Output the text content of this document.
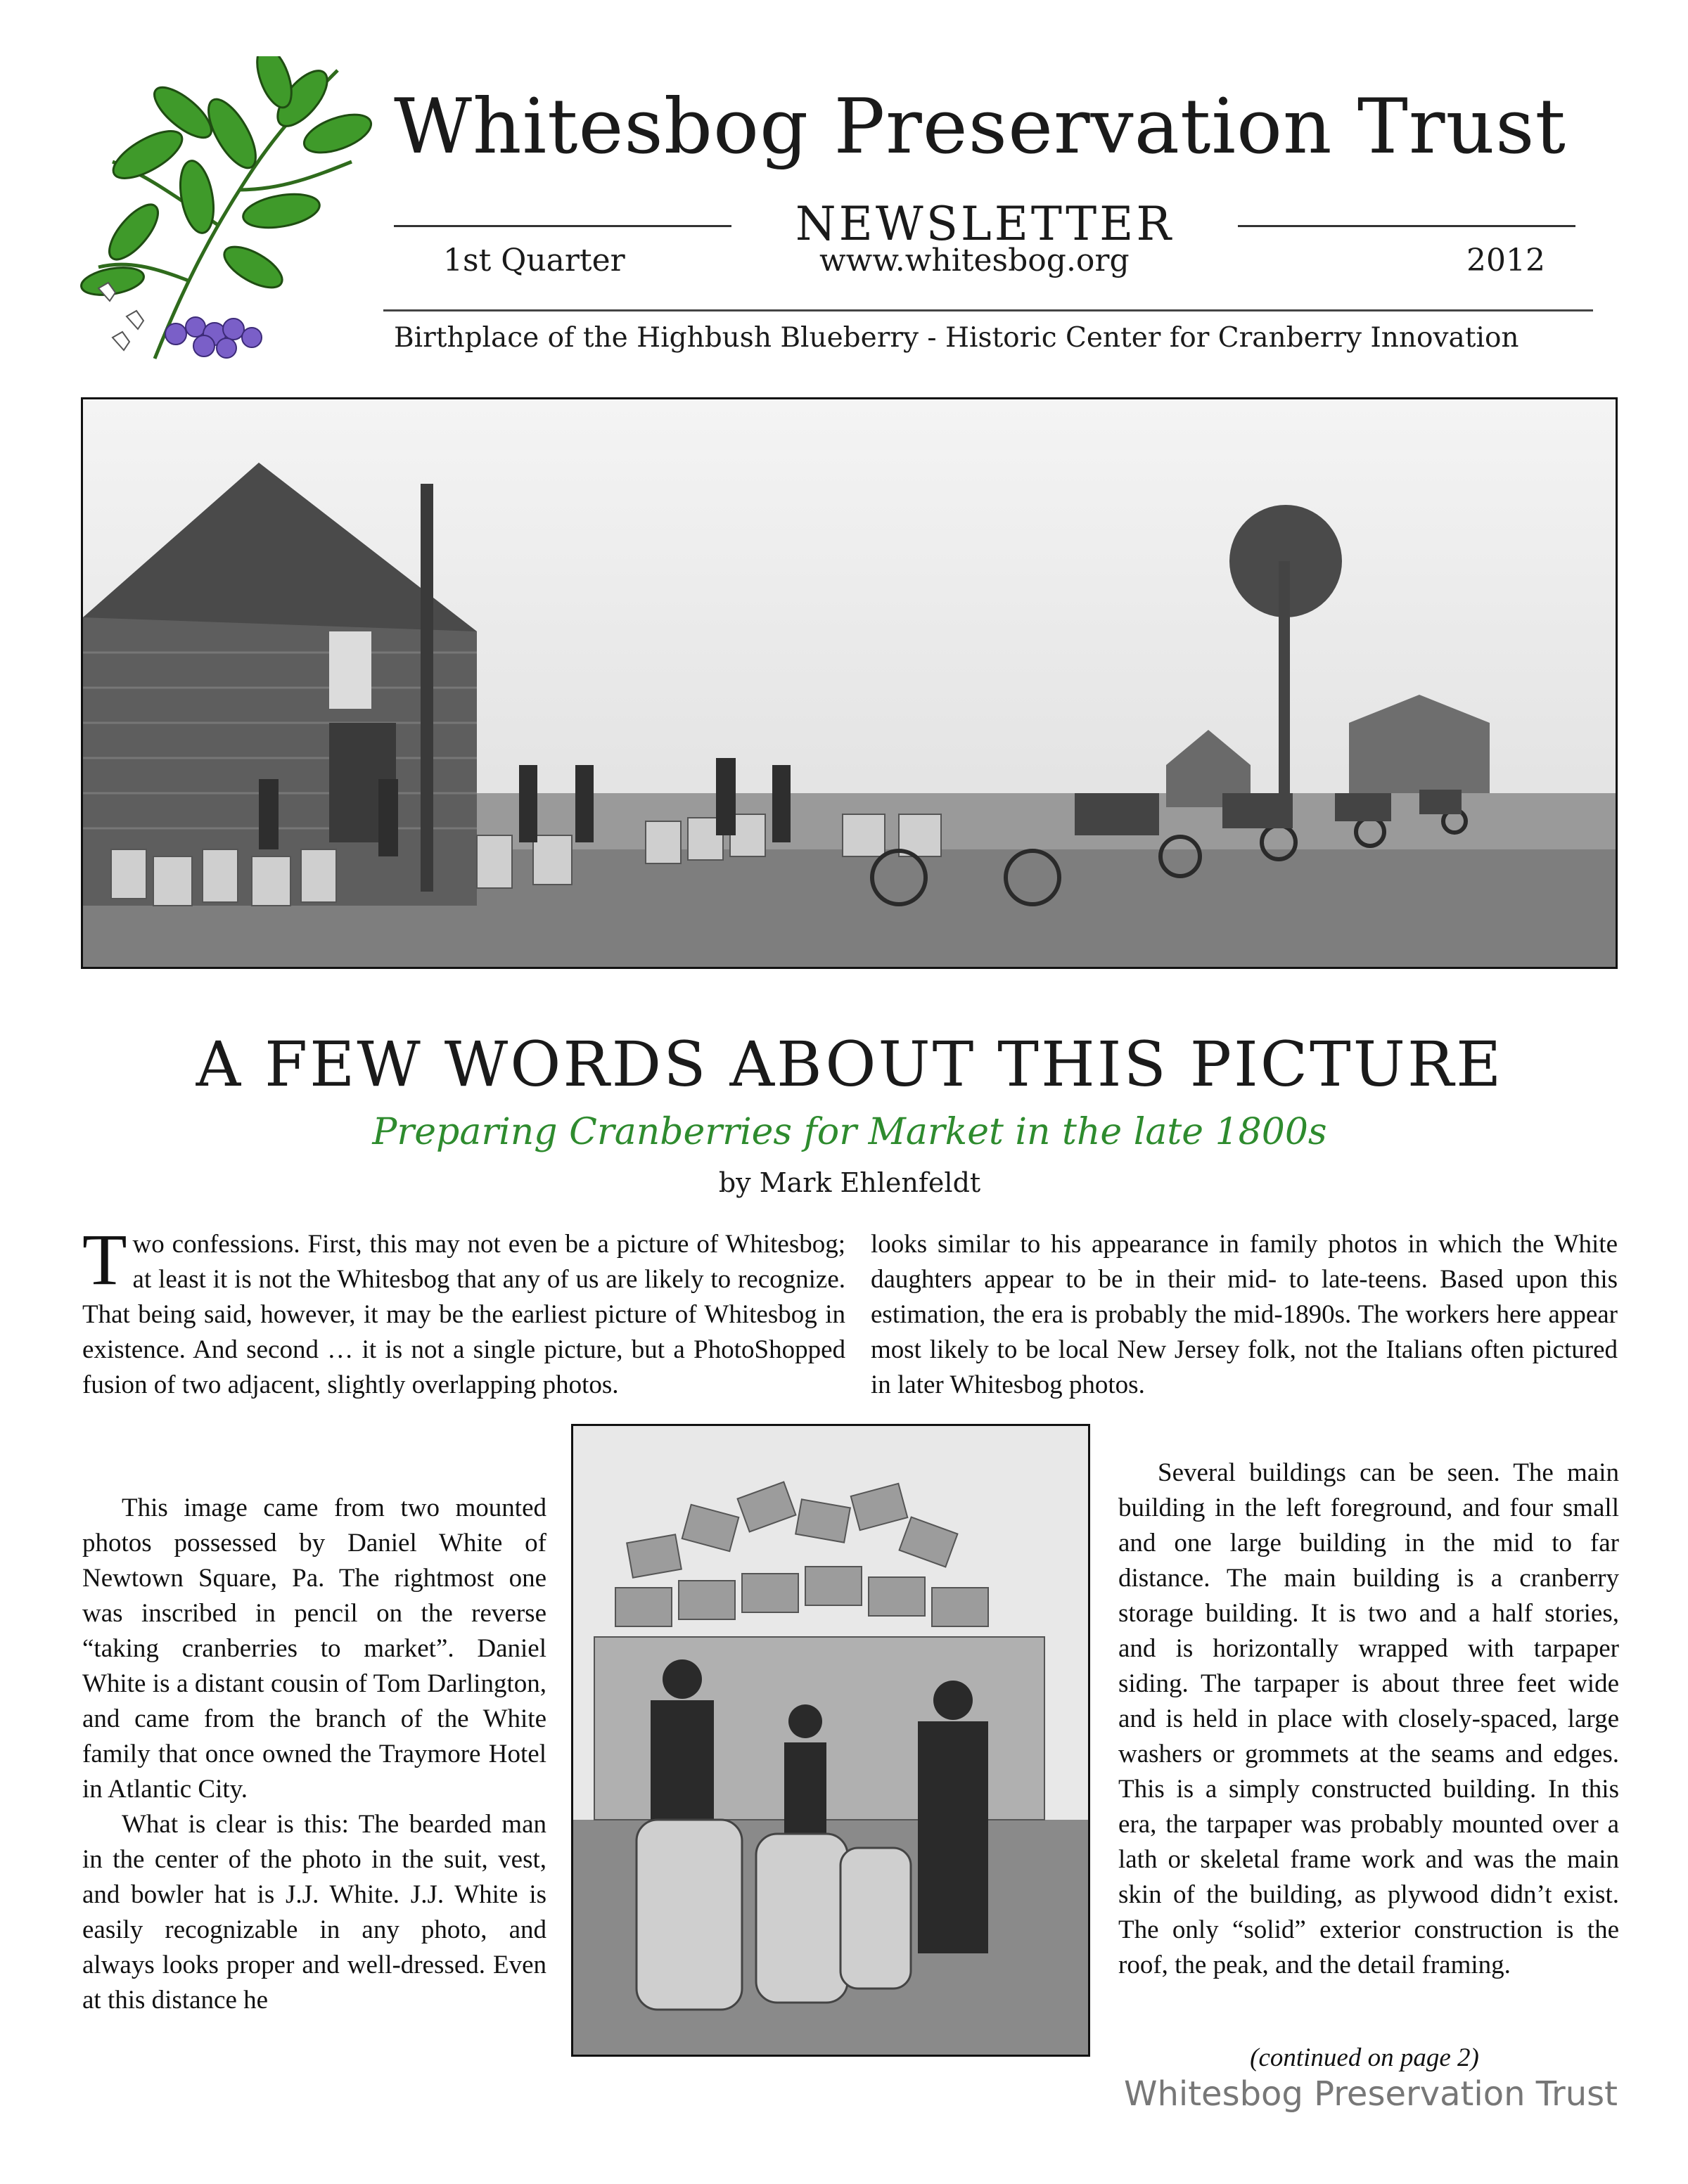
Whitesbog Preservation Trust
NEWSLETTER
1st Quarter	www.whitesbog.org	2012
Birthplace of the Highbush Blueberry - Historic Center for Cranberry Innovation
A FEW WORDS ABOUT THIS PICTURE
Preparing Cranberries for Market in the late 1800s
by Mark Ehlenfeldt

T wo confessions. First, this may not even be a picture of Whitesbog; at least it is not the Whitesbog that any of us are likely to recognize. That being said, however, it may be the earliest picture of Whitesbog in existence. And second … it is not a single picture, but a PhotoShopped fusion of two adjacent, slightly overlapping photos.

This image came from two mounted photos possessed by Daniel White of Newtown Square, Pa. The rightmost one was inscribed in pencil on the reverse “taking cranberries to market”. Daniel White is a distant cousin of Tom Darlington, and came from the branch of the White family that once owned the Traymore Hotel in Atlantic City.

What is clear is this: The bearded man in the center of the photo in the suit, vest, and bowler hat is J.J. White. J.J. White is easily recognizable in any photo, and always looks proper and well-dressed. Even at this distance he

looks similar to his appearance in family photos in which the White daughters appear to be in their mid- to late-teens. Based upon this estimation, the era is probably the mid-1890s. The workers here appear most likely to be local New Jersey folk, not the Italians often pictured in later Whitesbog photos.

Several buildings can be seen. The main building in the left foreground, and four small and one large building in the mid to far distance. The main building is a cranberry storage building. It is two and a half stories, and is horizontally wrapped with tarpaper siding. The tarpaper is about three feet wide and is held in place with closely-spaced, large washers or grommets at the seams and edges. This is a simply constructed building. In this era, the tarpaper was probably mounted over a lath or skeletal frame work and was the main skin of the building, as plywood didn’t exist. The only “solid” exterior construction is the roof, the peak, and the detail framing.

(continued on page 2)
Whitesbog Preservation Trust
